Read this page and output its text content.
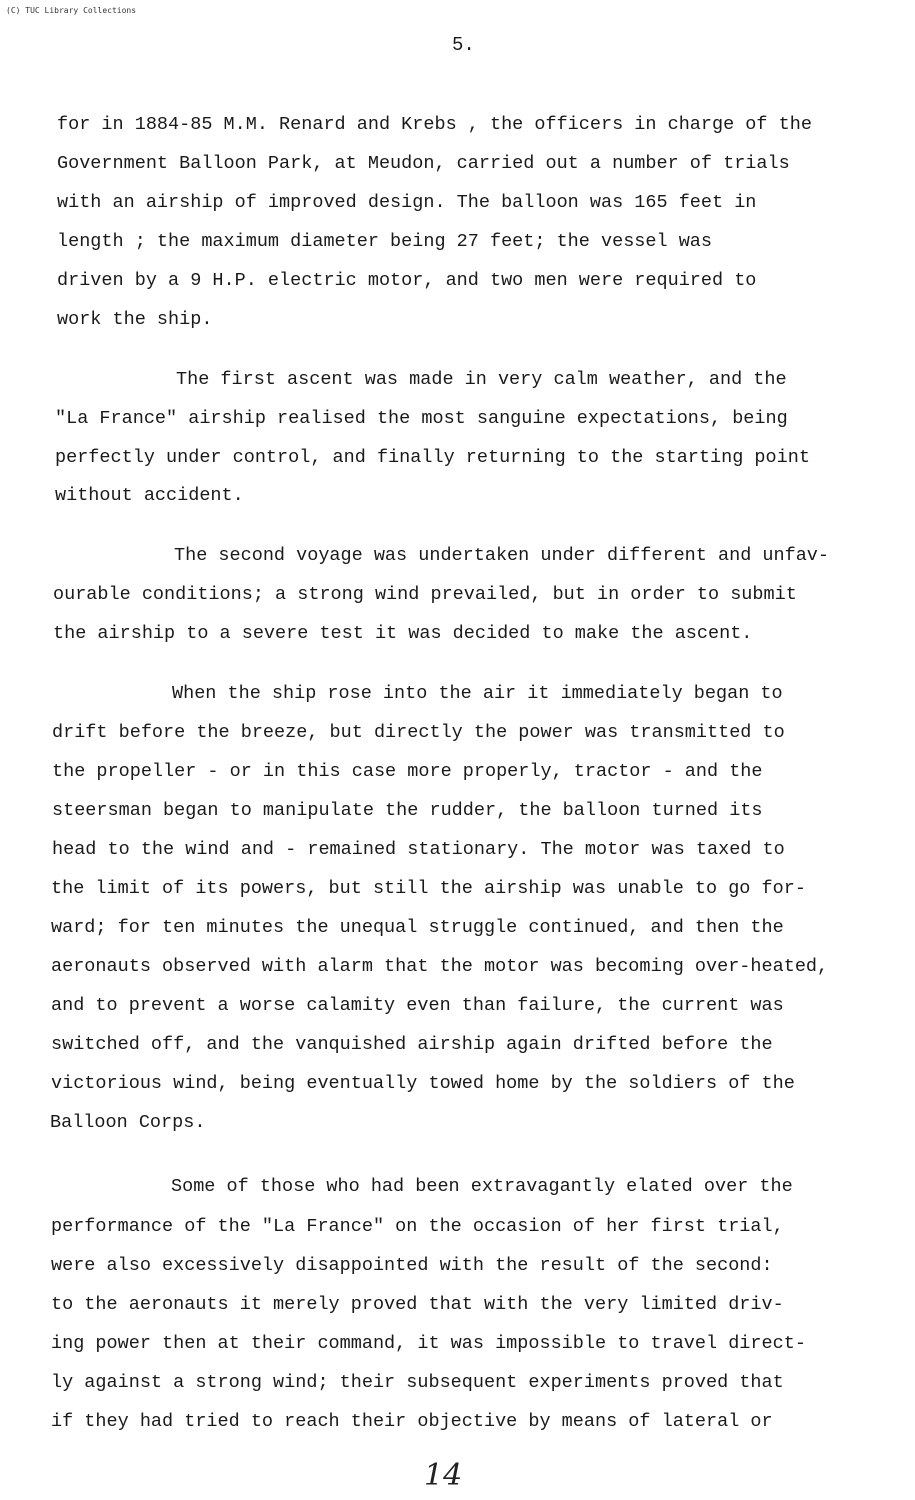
(C) TUC Library Collections
5.
for in 1884-85 M.M. Renard and Krebs , the officers in charge of the
Government Balloon Park, at Meudon, carried out a number of trials
with an airship of improved design. The balloon was 165 feet in
length ; the maximum diameter being 27 feet; the vessel was
driven by a 9 H.P. electric motor, and two men were required to
work the ship.
The first ascent was made in very calm weather, and the
"La France" airship realised the most sanguine expectations, being
perfectly under control, and finally returning to the starting point
without accident.
The second voyage was undertaken under different and unfav-
ourable conditions; a strong wind prevailed, but in order to submit
the airship to a severe test it was decided to make the ascent.
When the ship rose into the air it immediately began to
drift before the breeze, but directly the power was transmitted to
the propeller - or in this case more properly, tractor - and the
steersman began to manipulate the rudder, the balloon turned its
head to the wind and - remained stationary. The motor was taxed to
the limit of its powers, but still the airship was unable to go for-
ward; for ten minutes the unequal struggle continued, and then the
aeronauts observed with alarm that the motor was becoming over-heated,
and to prevent a worse calamity even than failure, the current was
switched off, and the vanquished airship again drifted before the
victorious wind, being eventually towed home by the soldiers of the
Balloon Corps.
Some of those who had been extravagantly elated over the
performance of the "La France" on the occasion of her first trial,
were also excessively disappointed with the result of the second:
to the aeronauts it merely proved that with the very limited driv-
ing power then at their command, it was impossible to travel direct-
ly against a strong wind; their subsequent experiments proved that
if they had tried to reach their objective by means of lateral or
14
